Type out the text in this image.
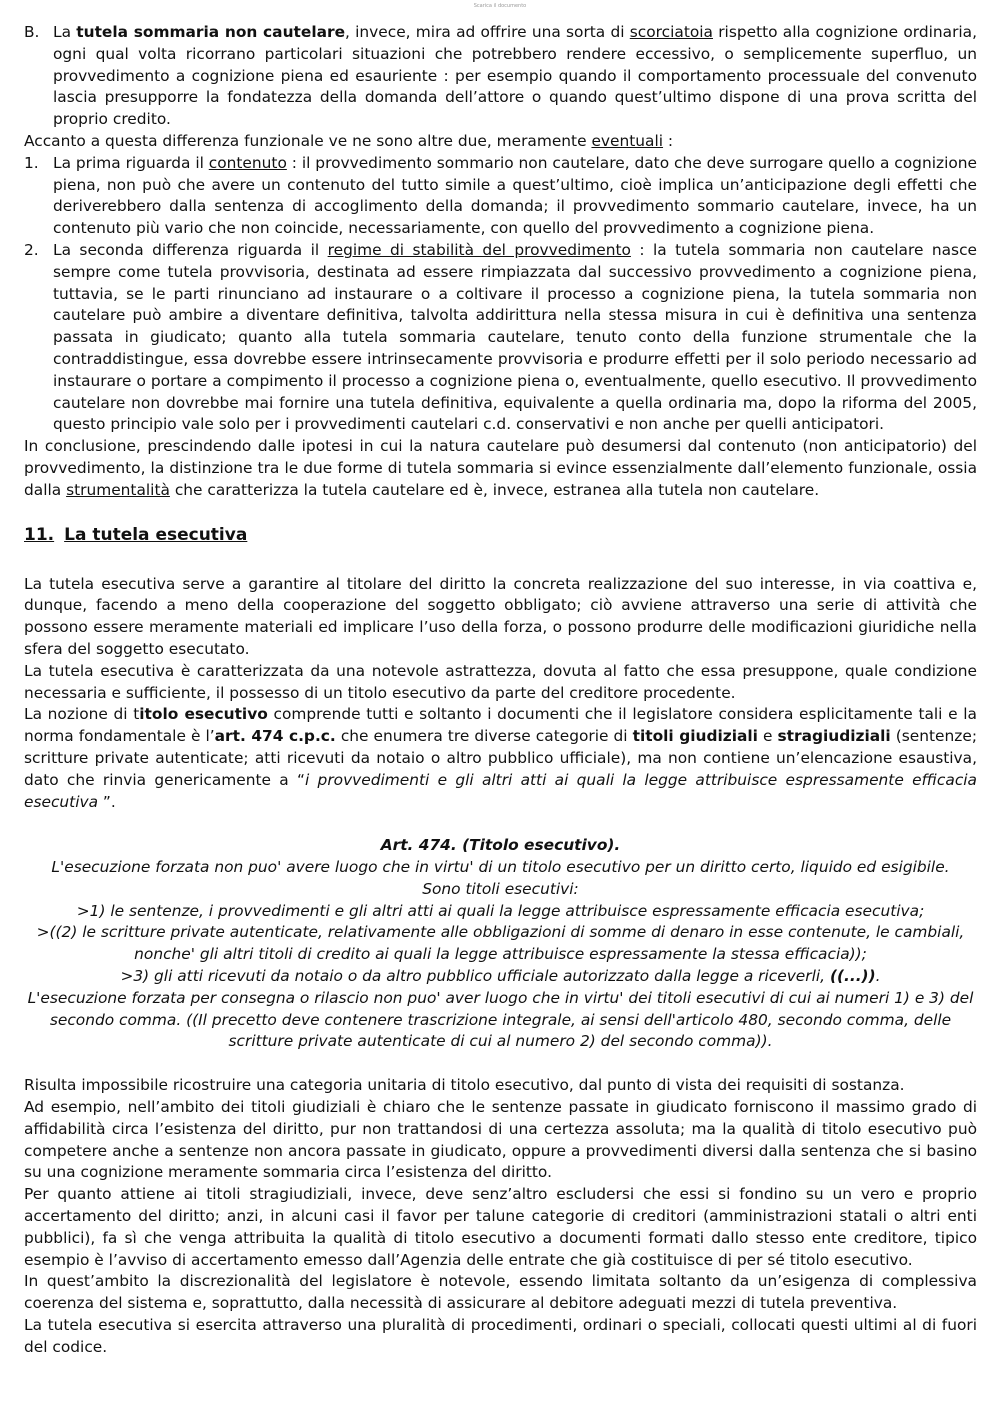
Scarica il documento
B. La tutela sommaria non cautelare, invece, mira ad offrire una sorta di scorciatoia rispetto alla cognizione ordinaria, ogni qual volta ricorrano particolari situazioni che potrebbero rendere eccessivo, o semplicemente superfluo, un provvedimento a cognizione piena ed esauriente : per esempio quando il comportamento processuale del convenuto lascia presupporre la fondatezza della domanda dell’attore o quando quest’ultimo dispone di una prova scritta del proprio credito.

Accanto a questa differenza funzionale ve ne sono altre due, meramente eventuali :

1. La prima riguarda il contenuto : il provvedimento sommario non cautelare, dato che deve surrogare quello a cognizione piena, non può che avere un contenuto del tutto simile a quest’ultimo, cioè implica un’anticipazione degli effetti che deriverebbero dalla sentenza di accoglimento della domanda; il provvedimento sommario cautelare, invece, ha un contenuto più vario che non coincide, necessariamente, con quello del provvedimento a cognizione piena.
2. La seconda differenza riguarda il regime di stabilità del provvedimento : la tutela sommaria non cautelare nasce sempre come tutela provvisoria, destinata ad essere rimpiazzata dal successivo provvedimento a cognizione piena, tuttavia, se le parti rinunciano ad instaurare o a coltivare il processo a cognizione piena, la tutela sommaria non cautelare può ambire a diventare definitiva, talvolta addirittura nella stessa misura in cui è definitiva una sentenza passata in giudicato; quanto alla tutela sommaria cautelare, tenuto conto della funzione strumentale che la contraddistingue, essa dovrebbe essere intrinsecamente provvisoria e produrre effetti per il solo periodo necessario ad instaurare o portare a compimento il processo a cognizione piena o, eventualmente, quello esecutivo. Il provvedimento cautelare non dovrebbe mai fornire una tutela definitiva, equivalente a quella ordinaria ma, dopo la riforma del 2005, questo principio vale solo per i provvedimenti cautelari c.d. conservativi e non anche per quelli anticipatori.

In conclusione, prescindendo dalle ipotesi in cui la natura cautelare può desumersi dal contenuto (non anticipatorio) del provvedimento, la distinzione tra le due forme di tutela sommaria si evince essenzialmente dall’elemento funzionale, ossia dalla strumentalità che caratterizza la tutela cautelare ed è, invece, estranea alla tutela non cautelare.

11. La tutela esecutiva

La tutela esecutiva serve a garantire al titolare del diritto la concreta realizzazione del suo interesse, in via coattiva e, dunque, facendo a meno della cooperazione del soggetto obbligato; ciò avviene attraverso una serie di attività che possono essere meramente materiali ed implicare l’uso della forza, o possono produrre delle modificazioni giuridiche nella sfera del soggetto esecutato.

La tutela esecutiva è caratterizzata da una notevole astrattezza, dovuta al fatto che essa presuppone, quale condizione necessaria e sufficiente, il possesso di un titolo esecutivo da parte del creditore procedente.

La nozione di titolo esecutivo comprende tutti e soltanto i documenti che il legislatore considera esplicitamente tali e la norma fondamentale è l’art. 474 c.p.c. che enumera tre diverse categorie di titoli giudiziali e stragiudiziali (sentenze; scritture private autenticate; atti ricevuti da notaio o altro pubblico ufficiale), ma non contiene un’elencazione esaustiva, dato che rinvia genericamente a “i provvedimenti e gli altri atti ai quali la legge attribuisce espressamente efficacia esecutiva ”.

Art. 474. (Titolo esecutivo).

L'esecuzione forzata non puo' avere luogo che in virtu' di un titolo esecutivo per un diritto certo, liquido ed esigibile.

Sono titoli esecutivi:

>1) le sentenze, i provvedimenti e gli altri atti ai quali la legge attribuisce espressamente efficacia esecutiva;

>((2) le scritture private autenticate, relativamente alle obbligazioni di somme di denaro in esse contenute, le cambiali, nonche' gli altri titoli di credito ai quali la legge attribuisce espressamente la stessa efficacia));

>3) gli atti ricevuti da notaio o da altro pubblico ufficiale autorizzato dalla legge a riceverli, ((...)).

L'esecuzione forzata per consegna o rilascio non puo' aver luogo che in virtu' dei titoli esecutivi di cui ai numeri 1) e 3) del secondo comma. ((Il precetto deve contenere trascrizione integrale, ai sensi dell'articolo 480, secondo comma, delle scritture private autenticate di cui al numero 2) del secondo comma)).

Risulta impossibile ricostruire una categoria unitaria di titolo esecutivo, dal punto di vista dei requisiti di sostanza.

Ad esempio, nell’ambito dei titoli giudiziali è chiaro che le sentenze passate in giudicato forniscono il massimo grado di affidabilità circa l’esistenza del diritto, pur non trattandosi di una certezza assoluta; ma la qualità di titolo esecutivo può competere anche a sentenze non ancora passate in giudicato, oppure a provvedimenti diversi dalla sentenza che si basino su una cognizione meramente sommaria circa l’esistenza del diritto.

Per quanto attiene ai titoli stragiudiziali, invece, deve senz’altro escludersi che essi si fondino su un vero e proprio accertamento del diritto; anzi, in alcuni casi il favor per talune categorie di creditori (amministrazioni statali o altri enti pubblici), fa sì che venga attribuita la qualità di titolo esecutivo a documenti formati dallo stesso ente creditore, tipico esempio è l’avviso di accertamento emesso dall’Agenzia delle entrate che già costituisce di per sé titolo esecutivo.

In quest’ambito la discrezionalità del legislatore è notevole, essendo limitata soltanto da un’esigenza di complessiva coerenza del sistema e, soprattutto, dalla necessità di assicurare al debitore adeguati mezzi di tutela preventiva.

La tutela esecutiva si esercita attraverso una pluralità di procedimenti, ordinari o speciali, collocati questi ultimi al di fuori del codice.
